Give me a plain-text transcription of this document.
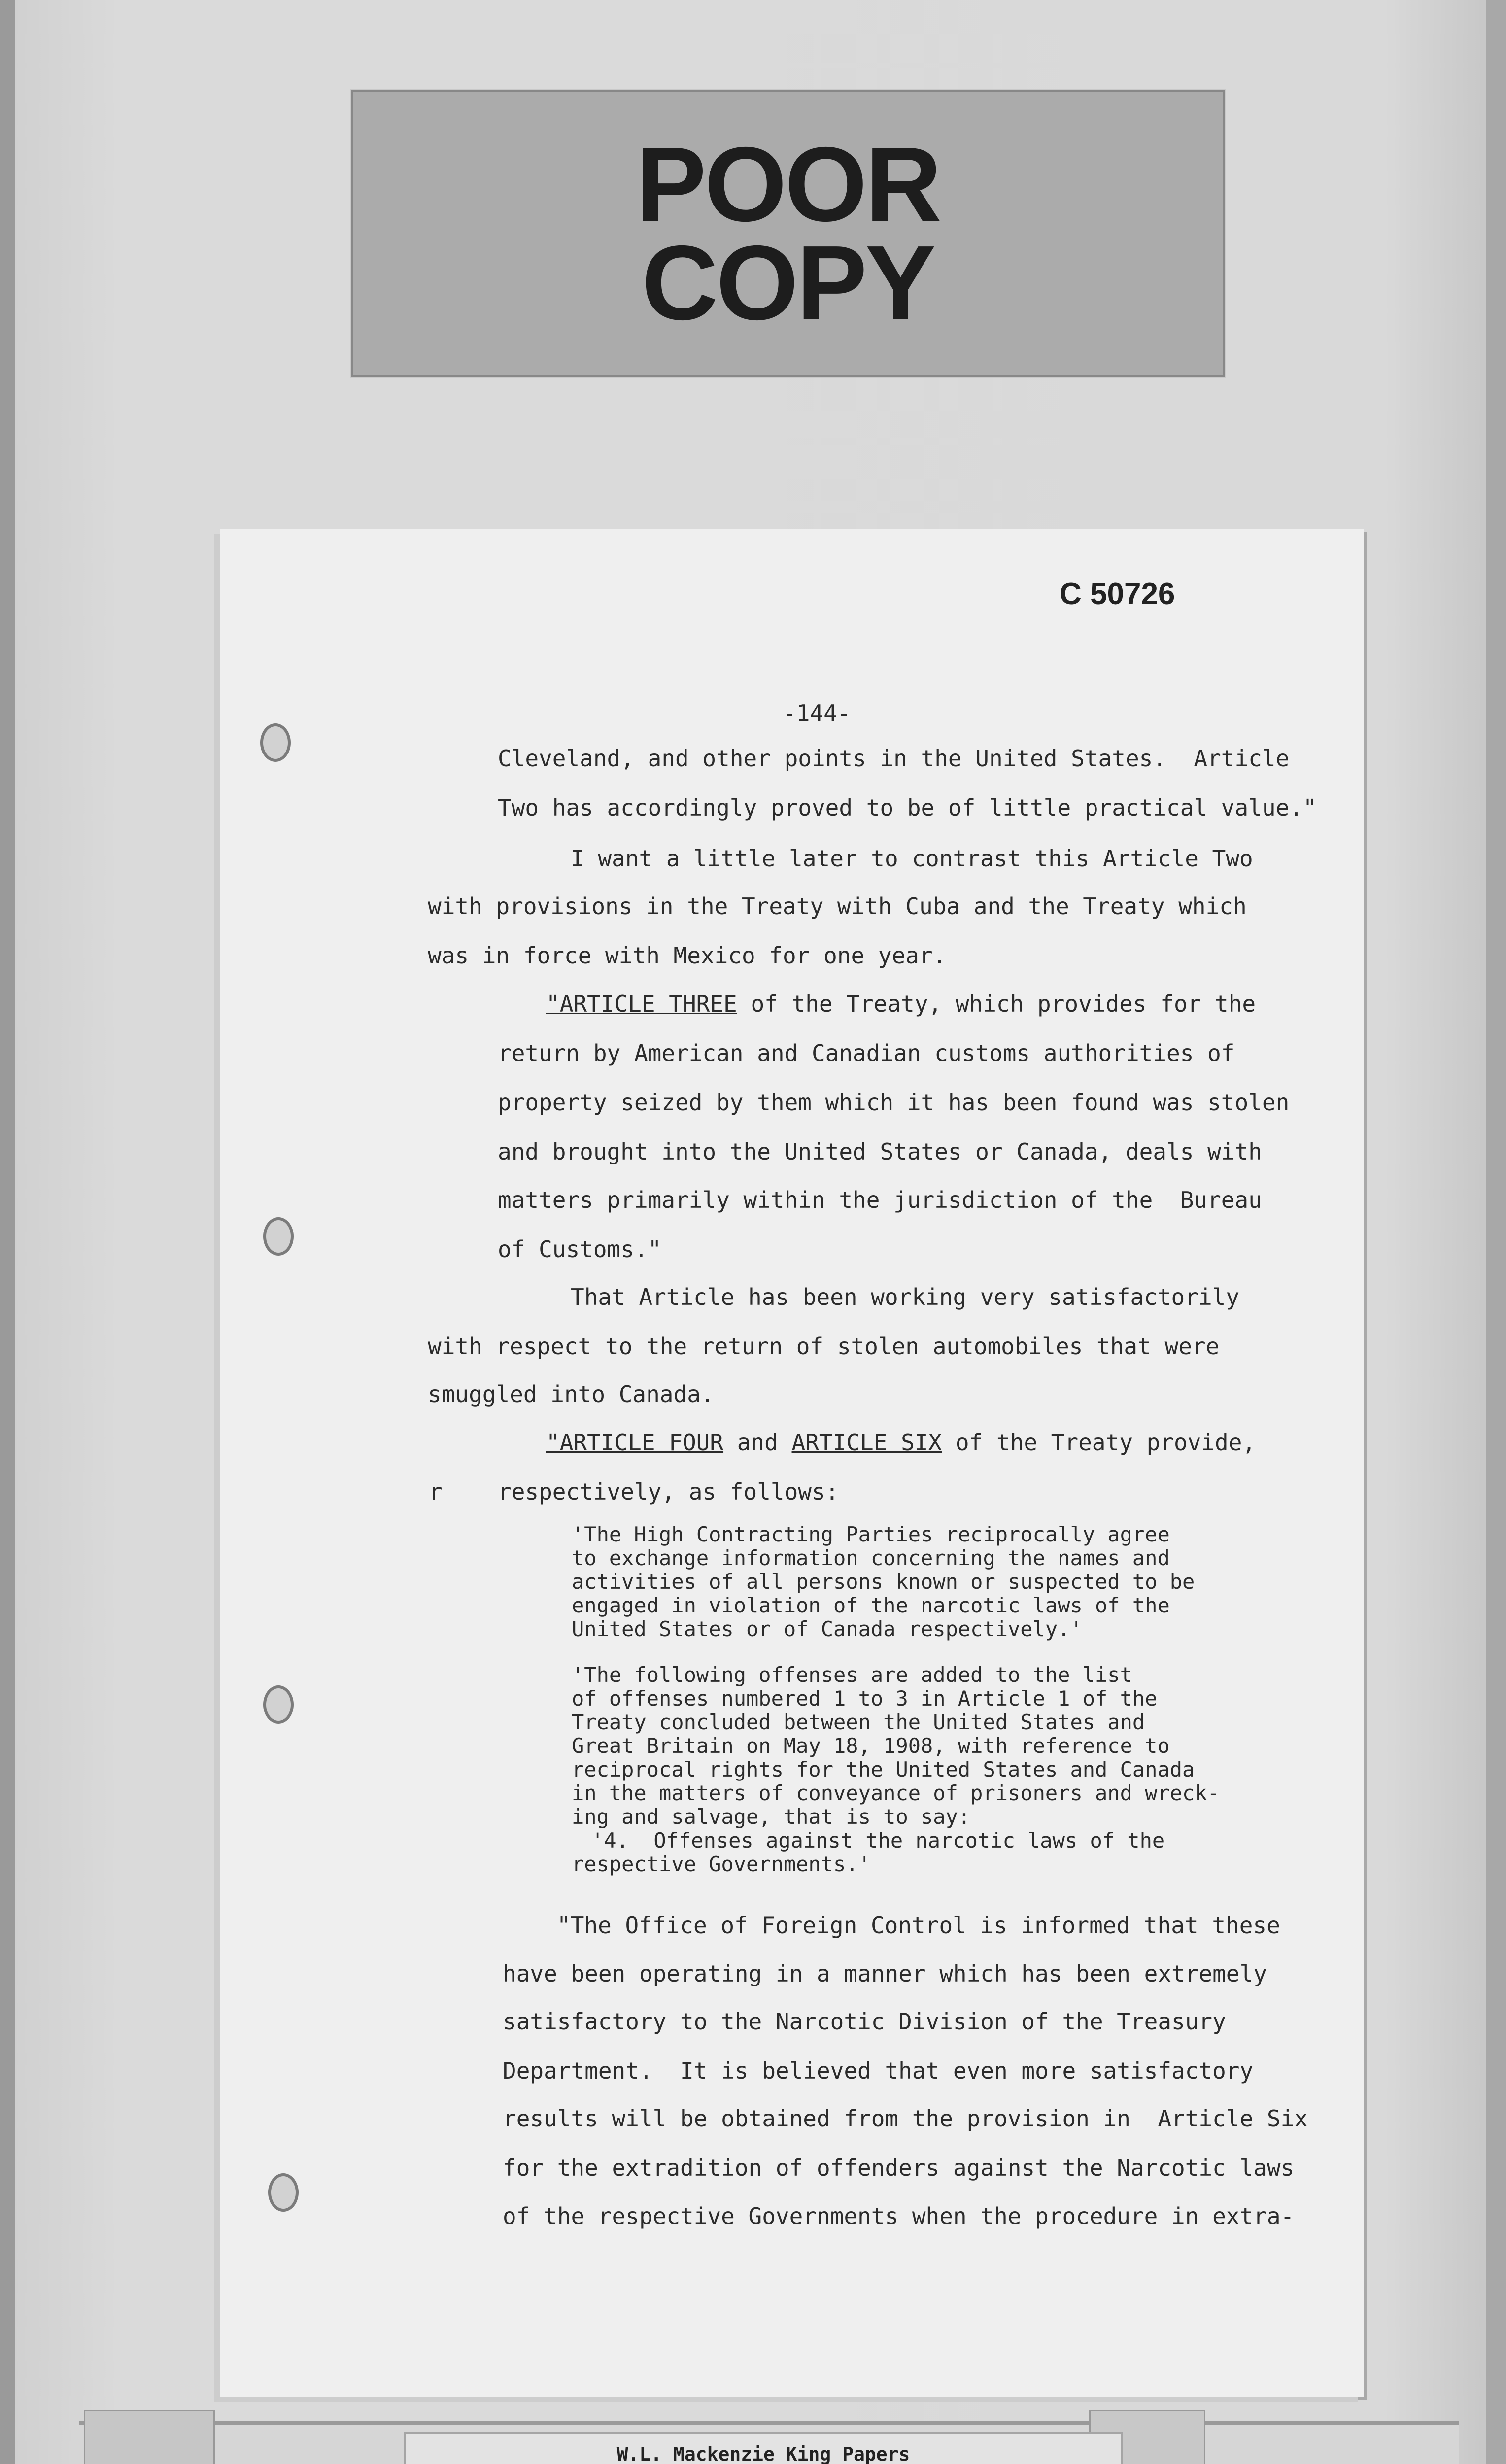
POOR
COPY
C 50726
-144-
Cleveland, and other points in the United States.  Article
Two has accordingly proved to be of little practical value."
I want a little later to contrast this Article Two
with provisions in the Treaty with Cuba and the Treaty which
was in force with Mexico for one year.
"ARTICLE THREE of the Treaty, which provides for the
return by American and Canadian customs authorities of
property seized by them which it has been found was stolen
and brought into the United States or Canada, deals with
matters primarily within the jurisdiction of the  Bureau
of Customs."
That Article has been working very satisfactorily
with respect to the return of stolen automobiles that were
smuggled into Canada.
"ARTICLE FOUR and ARTICLE SIX of the Treaty provide,
r respectively, as follows:
'The High Contracting Parties reciprocally agree
to exchange information concerning the names and
activities of all persons known or suspected to be
engaged in violation of the narcotic laws of the
United States or of Canada respectively.'
'The following offenses are added to the list
of offenses numbered 1 to 3 in Article 1 of the
Treaty concluded between the United States and
Great Britain on May 18, 1908, with reference to
reciprocal rights for the United States and Canada
in the matters of conveyance of prisoners and wreck-
ing and salvage, that is to say:
'4.  Offenses against the narcotic laws of the
respective Governments.'
"The Office of Foreign Control is informed that these
have been operating in a manner which has been extremely
satisfactory to the Narcotic Division of the Treasury
Department.  It is believed that even more satisfactory
results will be obtained from the provision in  Article Six
for the extradition of offenders against the Narcotic laws
of the respective Governments when the procedure in extra-
W.L. Mackenzie King Papers
